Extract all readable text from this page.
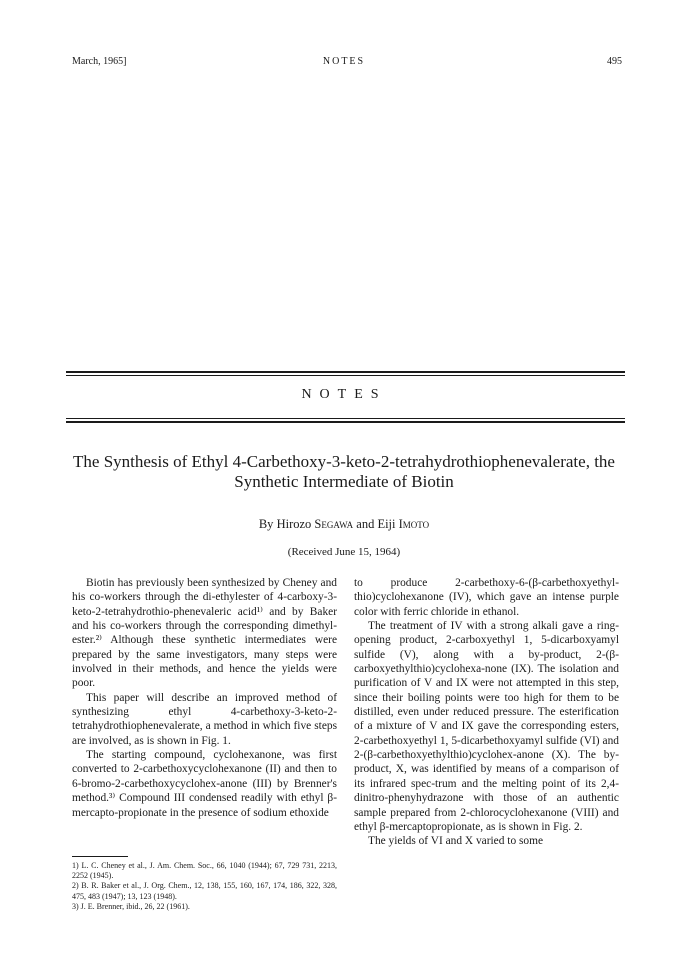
March, 1965]	NOTES	495
NOTES
The Synthesis of Ethyl 4-Carbethoxy-3-keto-2-tetrahydrothiophenevalerate, the Synthetic Intermediate of Biotin
By Hirozo Segawa and Eiji Imoto
(Received June 15, 1964)

Biotin has previously been synthesized by Cheney and his co-workers through the di-ethylester of 4-carboxy-3-keto-2-tetrahydrothio-phenevaleric acid¹⁾ and by Baker and his co-workers through the corresponding dimethyl-ester.²⁾ Although these synthetic intermediates were prepared by the same investigators, many steps were involved in their methods, and hence the yields were poor.

This paper will describe an improved method of synthesizing ethyl 4-carbethoxy-3-keto-2-tetrahydrothiophenevalerate, a method in which five steps are involved, as is shown in Fig. 1.

The starting compound, cyclohexanone, was first converted to 2-carbethoxycyclohexanone (II) and then to 6-bromo-2-carbethoxycyclohex-anone (III) by Brenner's method.³⁾ Compound III condensed readily with ethyl β-mercapto-propionate in the presence of sodium ethoxide

to produce 2-carbethoxy-6-(β-carbethoxyethyl-thio)cyclohexanone (IV), which gave an intense purple color with ferric chloride in ethanol.

The treatment of IV with a strong alkali gave a ring-opening product, 2-carboxyethyl 1, 5-dicarboxyamyl sulfide (V), along with a by-product, 2-(β-carboxyethylthio)cyclohexa-none (IX). The isolation and purification of V and IX were not attempted in this step, since their boiling points were too high for them to be distilled, even under reduced pressure. The esterification of a mixture of V and IX gave the corresponding esters, 2-carbethoxyethyl 1, 5-dicarbethoxyamyl sulfide (VI) and 2-(β-carbethoxyethylthio)cyclohex-anone (X). The by-product, X, was identified by means of a comparison of its infrared spec-trum and the melting point of its 2,4-dinitro-phenyhydrazone with those of an authentic sample prepared from 2-chlorocyclohexanone (VIII) and ethyl β-mercaptopropionate, as is shown in Fig. 2.

The yields of VI and X varied to some

1) L. C. Cheney et al., J. Am. Chem. Soc., 66, 1040 (1944); 67, 729 731, 2213, 2252 (1945).
2) B. R. Baker et al., J. Org. Chem., 12, 138, 155, 160, 167, 174, 186, 322, 328, 475, 483 (1947); 13, 123 (1948).
3) J. E. Brenner, ibid., 26, 22 (1961).
